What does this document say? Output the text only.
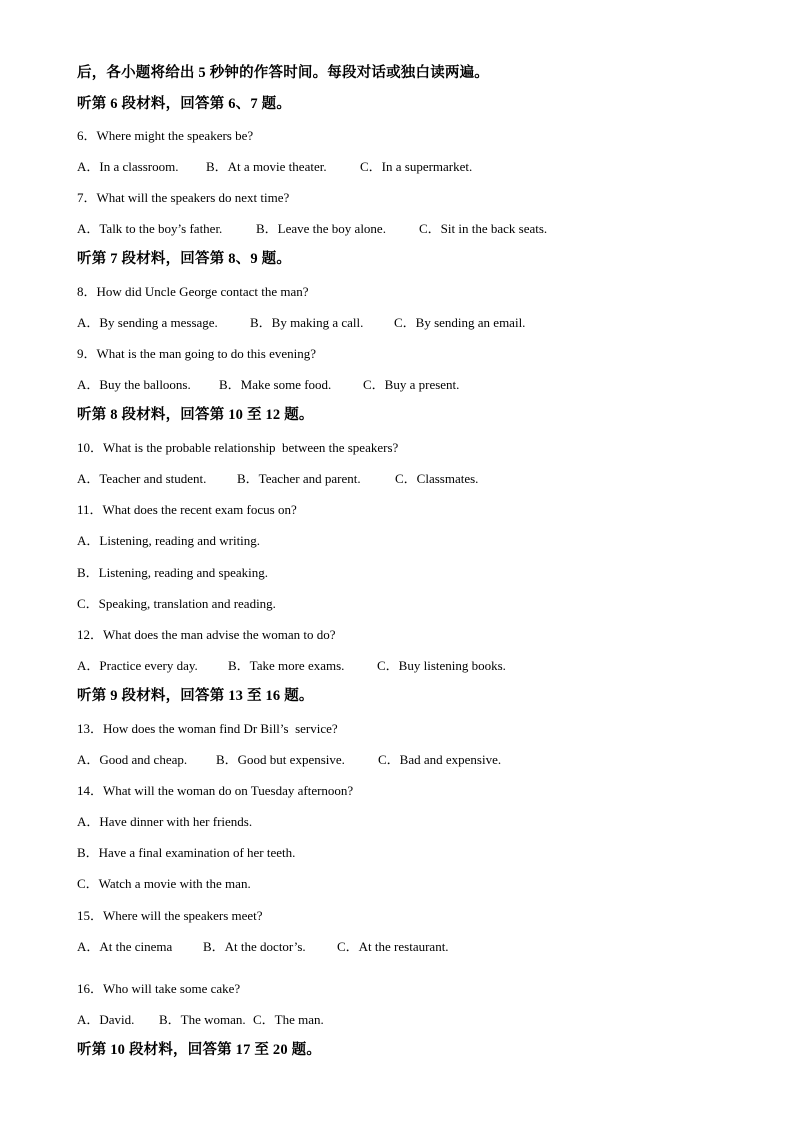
后，各小题将给出 5 秒钟的作答时间。每段对话或独白读两遍。
听第 6 段材料，回答第 6、7 题。
6．Where might the speakers be?
A．In a classroom.	B．At a movie theater.	C．In a supermarket.
7．What will the speakers do next time?
A．Talk to the boy’s father.	B．Leave the boy alone.	C．Sit in the back seats.
听第 7 段材料，回答第 8、9 题。
8．How did Uncle George contact the man?
A．By sending a message.	B．By making a call.	C．By sending an email.
9．What is the man going to do this evening?
A．Buy the balloons.	B．Make some food.	C．Buy a present.
听第 8 段材料，回答第 10 至 12 题。
10．What is the probable relationship  between the speakers?
A．Teacher and student.	B．Teacher and parent.	C．Classmates.
11．What does the recent exam focus on?
A．Listening, reading and writing.
B．Listening, reading and speaking.
C．Speaking, translation and reading.
12．What does the man advise the woman to do?
A．Practice every day.	B．Take more exams.	C．Buy listening books.
听第 9 段材料，回答第 13 至 16 题。
13．How does the woman find Dr Bill’s  service?
A．Good and cheap.	B．Good but expensive.	C．Bad and expensive.
14．What will the woman do on Tuesday afternoon?
A．Have dinner with her friends.
B．Have a final examination of her teeth.
C．Watch a movie with the man.
15．Where will the speakers meet?
A．At the cinema	B．At the doctor’s.	C．At the restaurant.
16．Who will take some cake?
A．David.	B．The woman. C．The man.
听第 10 段材料，回答第 17 至 20 题。
